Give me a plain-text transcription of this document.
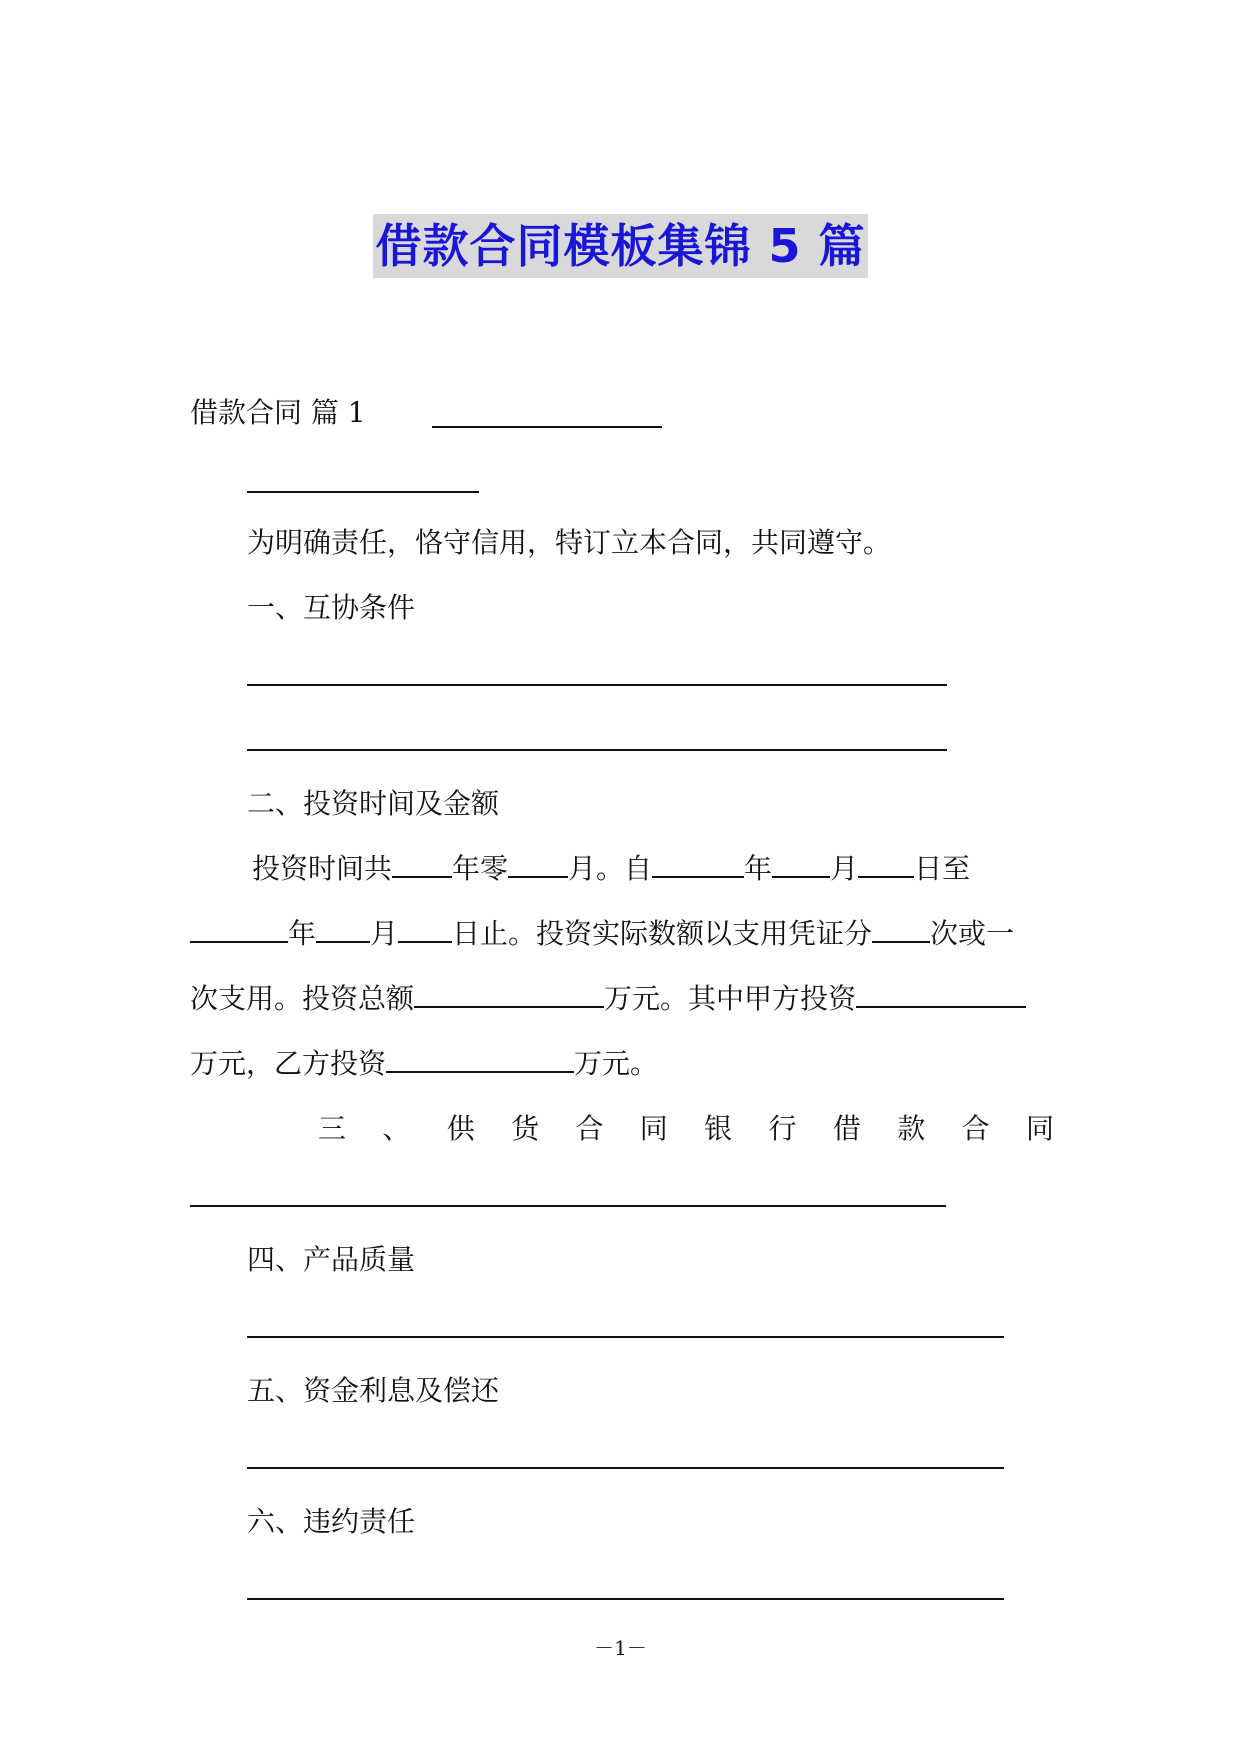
借款合同模板集锦 5 篇
借款合同 篇 1
为明确责任，恪守信用，特订立本合同，共同遵守。
一、互协条件
二、投资时间及金额
投资时间共 年零 月。自	年 月 日至
年 月 日止。投资实际数额以支用凭证分 次或一
次支用。投资总额	万元。其中甲方投资
万元，乙方投资	万元。
三 、 供 货 合 同 银 行 借 款 合 同
四、产品质量
五、资金利息及偿还
六、违约责任
－1－
